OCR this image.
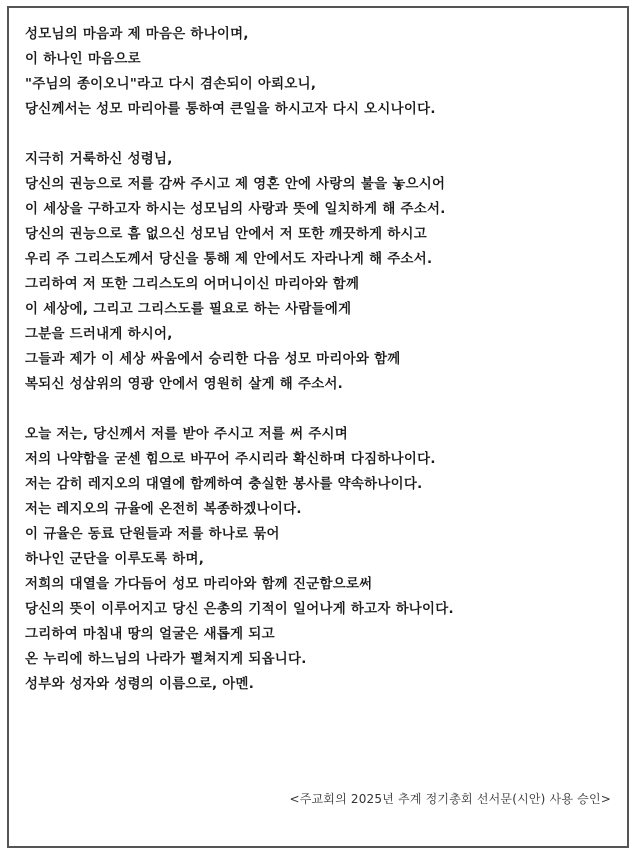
성모님의 마음과 제 마음은 하나이며,
이 하나인 마음으로
"주님의 종이오니"라고 다시 겸손되이 아뢰오니,
당신께서는 성모 마리아를 통하여 큰일을 하시고자 다시 오시나이다.
지극히 거룩하신 성령님,
당신의 권능으로 저를 감싸 주시고 제 영혼 안에 사랑의 불을 놓으시어
이 세상을 구하고자 하시는 성모님의 사랑과 뜻에 일치하게 해 주소서.
당신의 권능으로 흠 없으신 성모님 안에서 저 또한 깨끗하게 하시고
우리 주 그리스도께서 당신을 통해 제 안에서도 자라나게 해 주소서.
그리하여 저 또한 그리스도의 어머니이신 마리아와 함께
이 세상에, 그리고 그리스도를 필요로 하는 사람들에게
그분을 드러내게 하시어,
그들과 제가 이 세상 싸움에서 승리한 다음 성모 마리아와 함께
복되신 성삼위의 영광 안에서 영원히 살게 해 주소서.
오늘 저는, 당신께서 저를 받아 주시고 저를 써 주시며
저의 나약함을 굳센 힘으로 바꾸어 주시리라 확신하며 다짐하나이다.
저는 감히 레지오의 대열에 함께하여 충실한 봉사를 약속하나이다.
저는 레지오의 규율에 온전히 복종하겠나이다.
이 규율은 동료 단원들과 저를 하나로 묶어
하나인 군단을 이루도록 하며,
저희의 대열을 가다듬어 성모 마리아와 함께 진군함으로써
당신의 뜻이 이루어지고 당신 은총의 기적이 일어나게 하고자 하나이다.
그리하여 마침내 땅의 얼굴은 새롭게 되고
온 누리에 하느님의 나라가 펼쳐지게 되옵니다.
성부와 성자와 성령의 이름으로, 아멘.
<주교회의 2025년 추계 정기총회 선서문(시안) 사용 승인>
